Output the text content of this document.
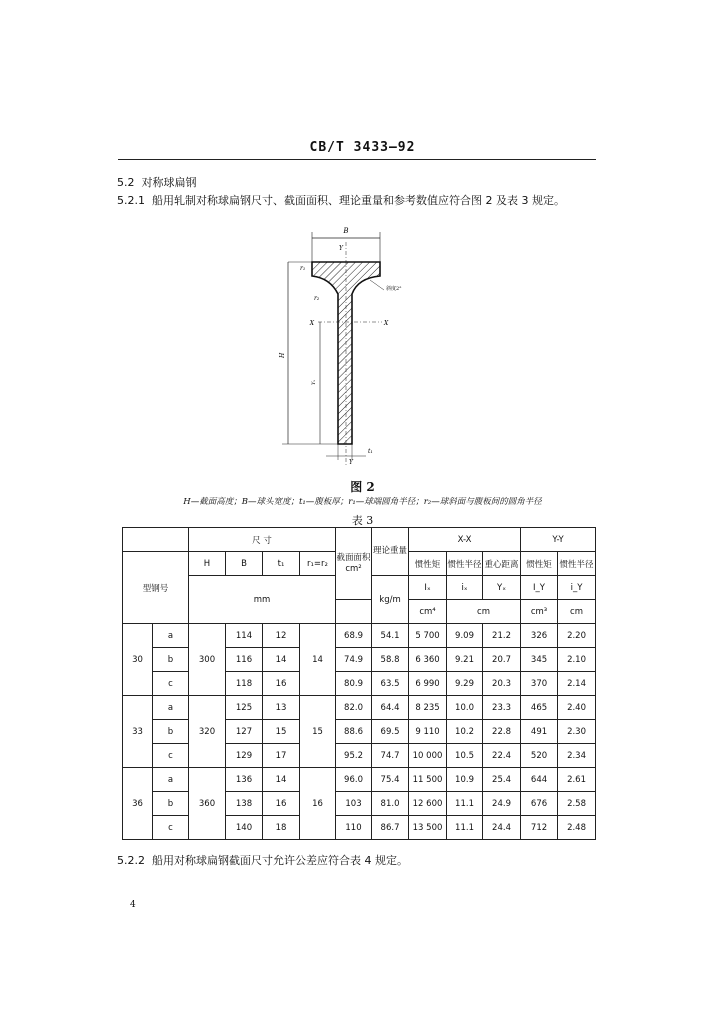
CB/T 3433—92
5.2 对称球扁钢
5.2.1 船用轧制对称球扁钢尺寸、截面面积、理论重量和参考数值应符合图 2 及表 3 规定。
B
Y
Y
r₁
r₂
斜度2°
X	X
H
Yₓ
t₁
图 2
H—截面高度；B—球头宽度；t₁—腹板厚；r₁—球端圆角半径；r₂—球斜面与腹板间的圆角半径
表 3
		尺 寸				截面面积
cm²	理论重量	X-X			Y-Y	
型钢号		H	B	t₁	r₁=r₂			惯性矩	惯性半径	重心距离	惯性矩	惯性半径
		mm					kg/m	Iₓ	iₓ	Yₓ	I_Y	i_Y
								cm⁴	cm		cm³	cm
30	a	300	114	12	14	68.9	54.1	5 700	9.09	21.2	326	2.20
	b		116	14		74.9	58.8	6 360	9.21	20.7	345	2.10
	c		118	16		80.9	63.5	6 990	9.29	20.3	370	2.14
33	a	320	125	13	15	82.0	64.4	8 235	10.0	23.3	465	2.40
	b		127	15		88.6	69.5	9 110	10.2	22.8	491	2.30
	c		129	17		95.2	74.7	10 000	10.5	22.4	520	2.34
36	a	360	136	14	16	96.0	75.4	11 500	10.9	25.4	644	2.61
	b		138	16		103	81.0	12 600	11.1	24.9	676	2.58
	c		140	18		110	86.7	13 500	11.1	24.4	712	2.48
5.2.2 船用对称球扁钢截面尺寸允许公差应符合表 4 规定。
4
